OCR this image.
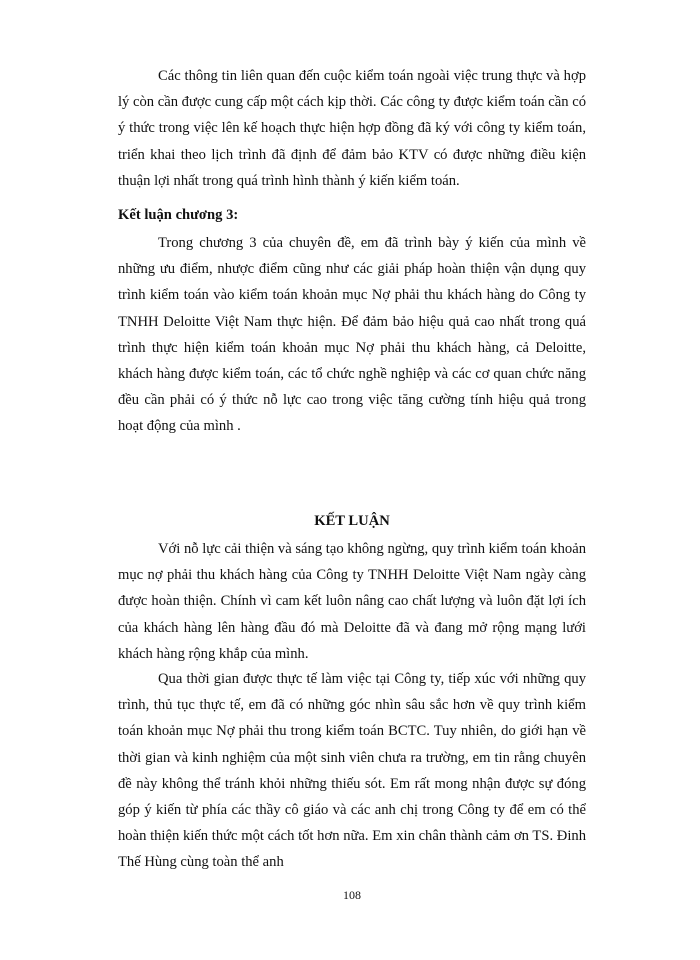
Các thông tin liên quan đến cuộc kiểm toán ngoài việc trung thực và hợp lý còn cần được cung cấp một cách kịp thời. Các công ty được kiểm toán cần có ý thức trong việc lên kế hoạch thực hiện hợp đồng đã ký với công ty kiểm toán, triển khai theo lịch trình đã định để đảm bảo KTV có được những điều kiện thuận lợi nhất trong quá trình hình thành ý kiến kiểm toán.

Kết luận chương 3:

Trong chương 3 của chuyên đề, em đã trình bày ý kiến của mình về những ưu điểm, nhược điểm cũng như các giải pháp hoàn thiện vận dụng quy trình kiểm toán vào kiểm toán khoản mục Nợ phải thu khách hàng do Công ty TNHH Deloitte Việt Nam thực hiện. Để đảm bảo hiệu quả cao nhất trong quá trình thực hiện kiểm toán khoản mục Nợ phải thu khách hàng, cả Deloitte, khách hàng được kiểm toán, các tổ chức nghề nghiệp và các cơ quan chức năng đều cần phải có ý thức nỗ lực cao trong việc tăng cường tính hiệu quả trong hoạt động của mình .

KẾT LUẬN

Với nỗ lực cải thiện và sáng tạo không ngừng, quy trình kiểm toán khoản mục nợ phải thu khách hàng của Công ty TNHH Deloitte Việt Nam ngày càng được hoàn thiện. Chính vì cam kết luôn nâng cao chất lượng và luôn đặt lợi ích của khách hàng lên hàng đầu đó mà Deloitte đã và đang mở rộng mạng lưới khách hàng rộng khắp của mình.

Qua thời gian được thực tế làm việc tại Công ty, tiếp xúc với những quy trình, thủ tục thực tế, em đã có những góc nhìn sâu sắc hơn về quy trình kiểm toán khoản mục Nợ phải thu trong kiểm toán BCTC. Tuy nhiên, do giới hạn về thời gian và kinh nghiệm của một sinh viên chưa ra trường, em tin rằng chuyên đề này không thể tránh khỏi những thiếu sót. Em rất mong nhận được sự đóng góp ý kiến từ phía các thầy cô giáo và các anh chị trong Công ty để em có thể hoàn thiện kiến thức một cách tốt hơn nữa. Em xin chân thành cảm ơn TS. Đinh Thế Hùng cùng toàn thể anh

108
